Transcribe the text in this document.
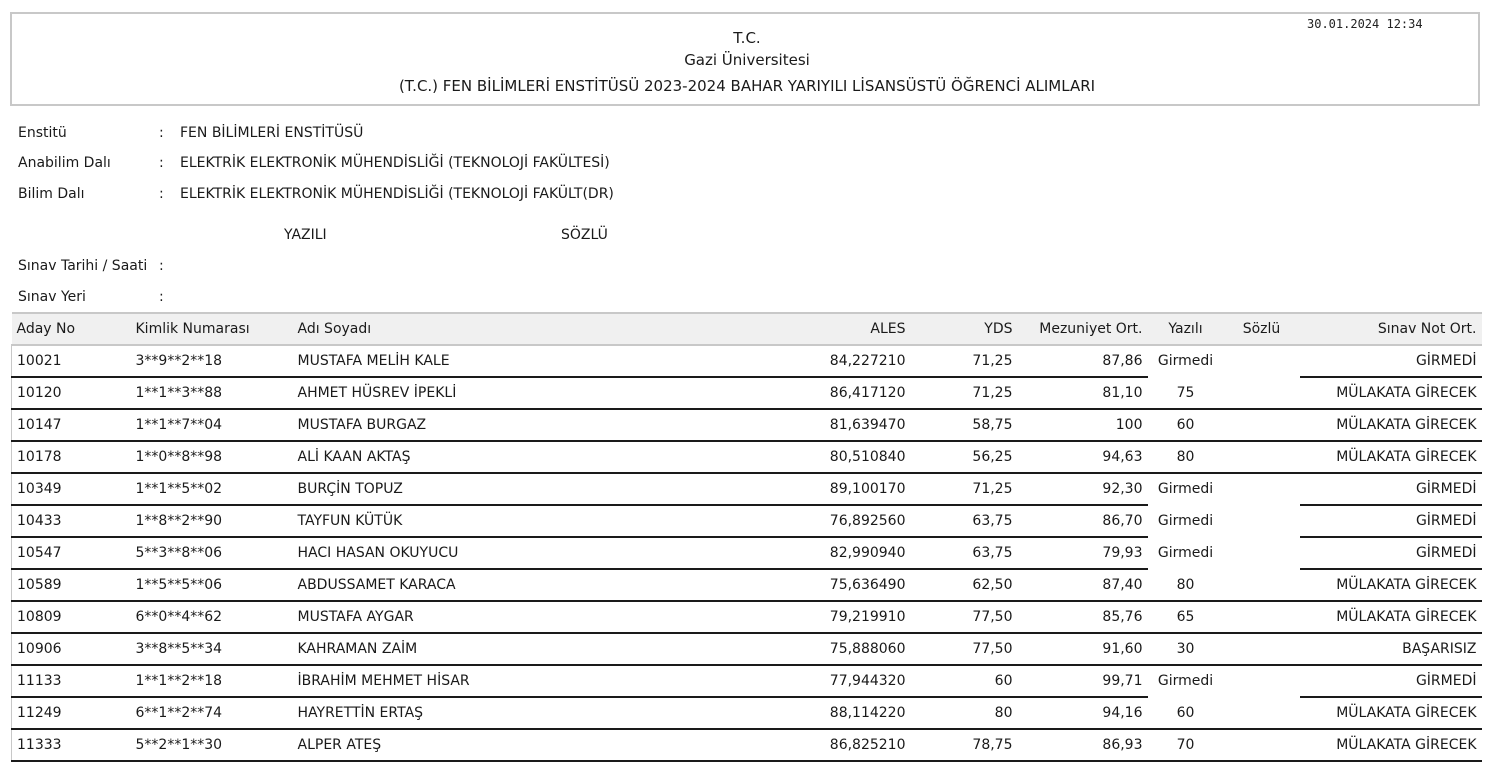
30.01.2024 12:34
T.C.
Gazi Üniversitesi
(T.C.) FEN BİLİMLERİ ENSTİTÜSÜ 2023-2024 BAHAR YARIYILI LİSANSÜSTÜ ÖĞRENCİ ALIMLARI
Enstitü	: FEN BİLİMLERİ ENSTİTÜSÜ
Anabilim Dalı	: ELEKTRİK ELEKTRONİK MÜHENDİSLİĞİ (TEKNOLOJİ FAKÜLTESİ)
Bilim Dalı	: ELEKTRİK ELEKTRONİK MÜHENDİSLİĞİ (TEKNOLOJİ FAKÜLT(DR)
YAZILI	SÖZLÜ
Sınav Tarihi / Saati :
Sınav Yeri	:
Aday No	Kimlik Numarası	Adı Soyadı	ALES	YDS	Mezuniyet Ort.	Yazılı	Sözlü	Sınav Not Ort.
10021	3**9**2**18	MUSTAFA MELİH KALE	84,227210	71,25	87,86	Girmedi		GİRMEDİ
10120	1**1**3**88	AHMET HÜSREV İPEKLİ	86,417120	71,25	81,10	75		MÜLAKATA GİRECEK
10147	1**1**7**04	MUSTAFA BURGAZ	81,639470	58,75	100	60		MÜLAKATA GİRECEK
10178	1**0**8**98	ALİ KAAN AKTAŞ	80,510840	56,25	94,63	80		MÜLAKATA GİRECEK
10349	1**1**5**02	BURÇİN TOPUZ	89,100170	71,25	92,30	Girmedi		GİRMEDİ
10433	1**8**2**90	TAYFUN KÜTÜK	76,892560	63,75	86,70	Girmedi		GİRMEDİ
10547	5**3**8**06	HACI HASAN OKUYUCU	82,990940	63,75	79,93	Girmedi		GİRMEDİ
10589	1**5**5**06	ABDUSSAMET KARACA	75,636490	62,50	87,40	80		MÜLAKATA GİRECEK
10809	6**0**4**62	MUSTAFA AYGAR	79,219910	77,50	85,76	65		MÜLAKATA GİRECEK
10906	3**8**5**34	KAHRAMAN ZAİM	75,888060	77,50	91,60	30		BAŞARISIZ
11133	1**1**2**18	İBRAHİM MEHMET HİSAR	77,944320	60	99,71	Girmedi		GİRMEDİ
11249	6**1**2**74	HAYRETTİN ERTAŞ	88,114220	80	94,16	60		MÜLAKATA GİRECEK
11333	5**2**1**30	ALPER ATEŞ	86,825210	78,75	86,93	70		MÜLAKATA GİRECEK
